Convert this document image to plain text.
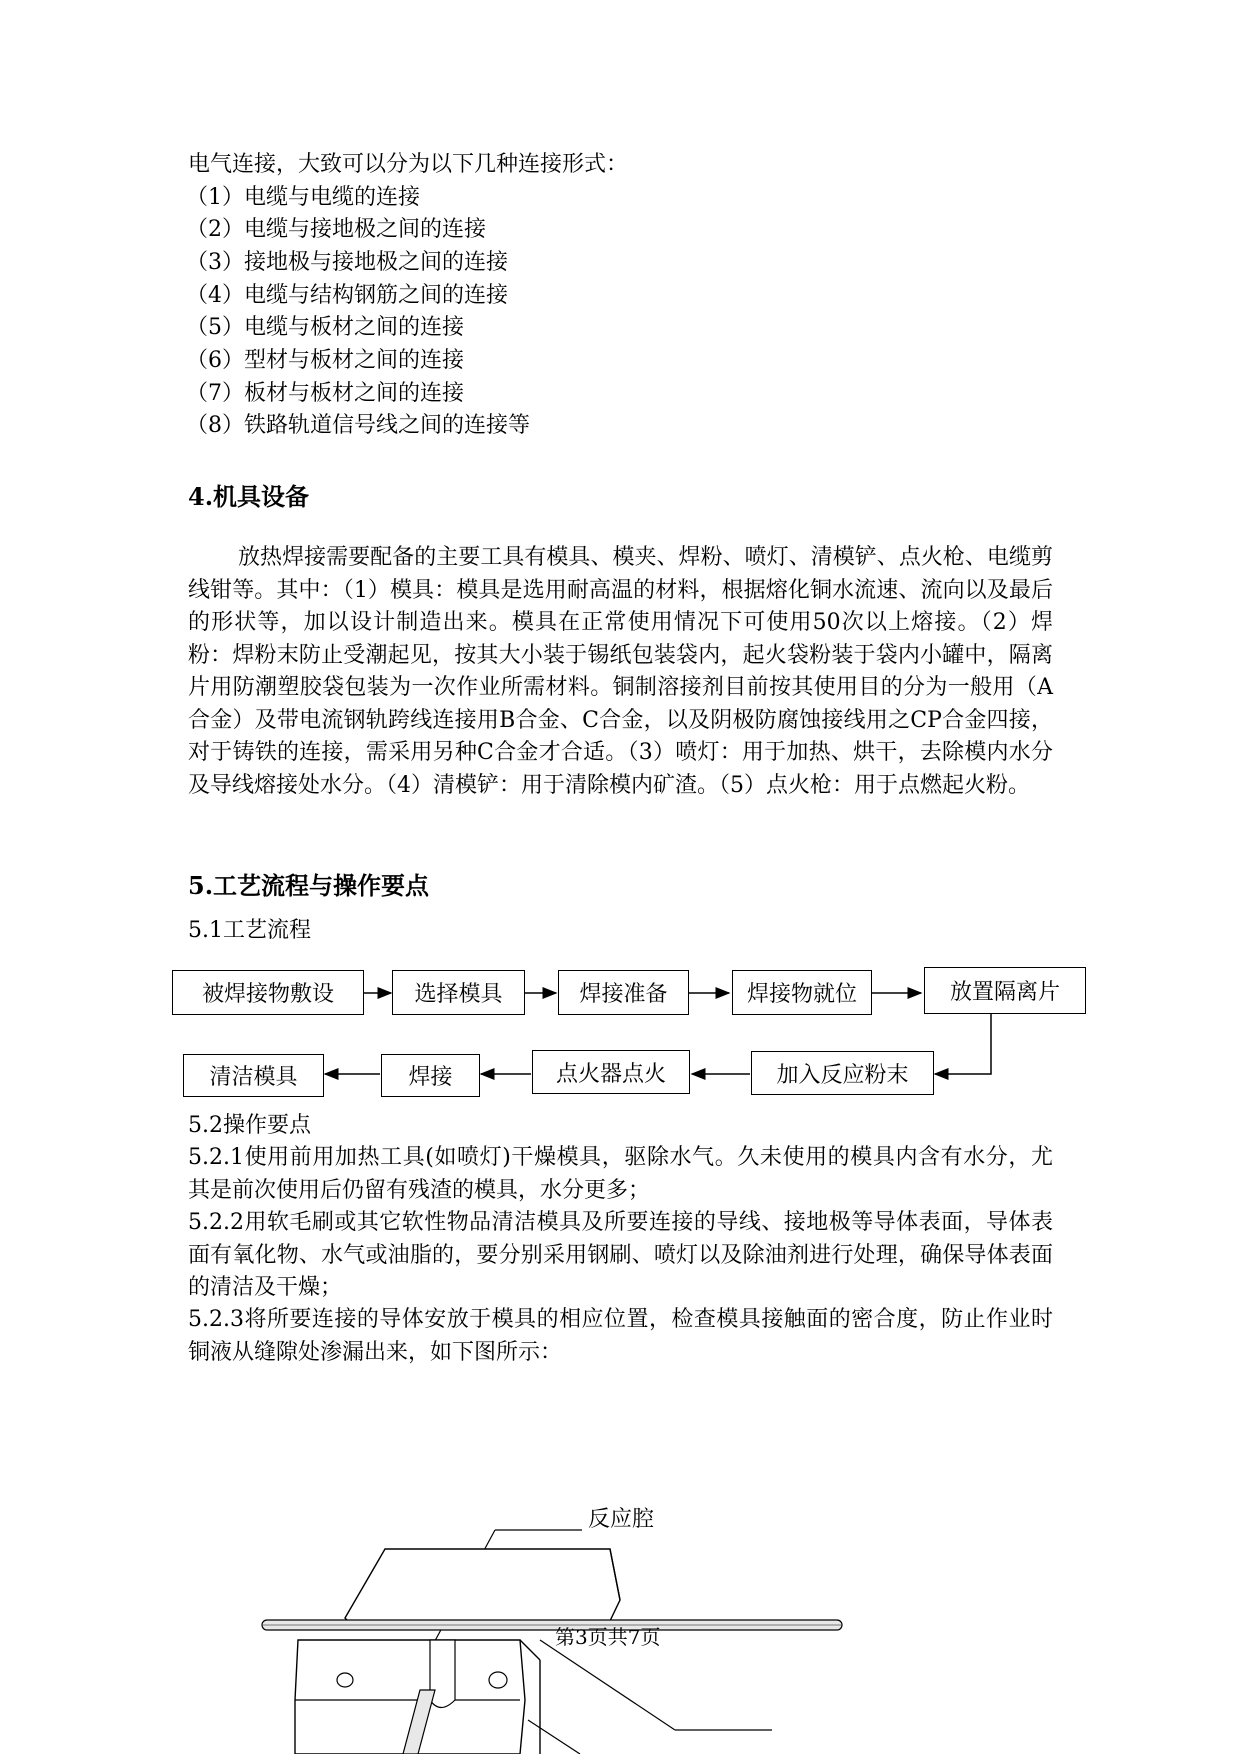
电气连接，大致可以分为以下几种连接形式：
（1）电缆与电缆的连接
（2）电缆与接地极之间的连接
（3）接地极与接地极之间的连接
（4）电缆与结构钢筋之间的连接
（5）电缆与板材之间的连接
（6）型材与板材之间的连接
（7）板材与板材之间的连接
（8）铁路轨道信号线之间的连接等
4.机具设备
放热焊接需要配备的主要工具有模具、模夹、焊粉、喷灯、清模铲、点火枪、电缆剪线钳等。其中：（1）模具：模具是选用耐高温的材料，根据熔化铜水流速、流向以及最后的形状等，加以设计制造出来。模具在正常使用情况下可使用50次以上熔接。（2）焊粉：焊粉末防止受潮起见，按其大小装于锡纸包装袋内，起火袋粉装于袋内小罐中，隔离片用防潮塑胶袋包装为一次作业所需材料。铜制溶接剂目前按其使用目的分为一般用（A合金）及带电流钢轨跨线连接用B合金、C合金，以及阴极防腐蚀接线用之CP合金四接，对于铸铁的连接，需采用另种C合金才合适。（3）喷灯：用于加热、烘干，去除模内水分及导线熔接处水分。（4）清模铲：用于清除模内矿渣。（5）点火枪：用于点燃起火粉。
5.工艺流程与操作要点
5.1工艺流程
被焊接物敷设	选择模具	焊接准备	焊接物就位	放置隔离片
加入反应粉末
点火器点火
焊接
清洁模具
5.2操作要点
5.2.1使用前用加热工具(如喷灯)干燥模具，驱除水气。久未使用的模具内含有水分，尤其是前次使用后仍留有残渣的模具，水分更多；
5.2.2用软毛刷或其它软性物品清洁模具及所要连接的导线、接地极等导体表面，导体表面有氧化物、水气或油脂的，要分别采用钢刷、喷灯以及除油剂进行处理，确保导体表面的清洁及干燥；
5.2.3将所要连接的导体安放于模具的相应位置，检查模具接触面的密合度，防止作业时铜液从缝隙处渗漏出来，如下图所示：
反应腔
第3页共7页
